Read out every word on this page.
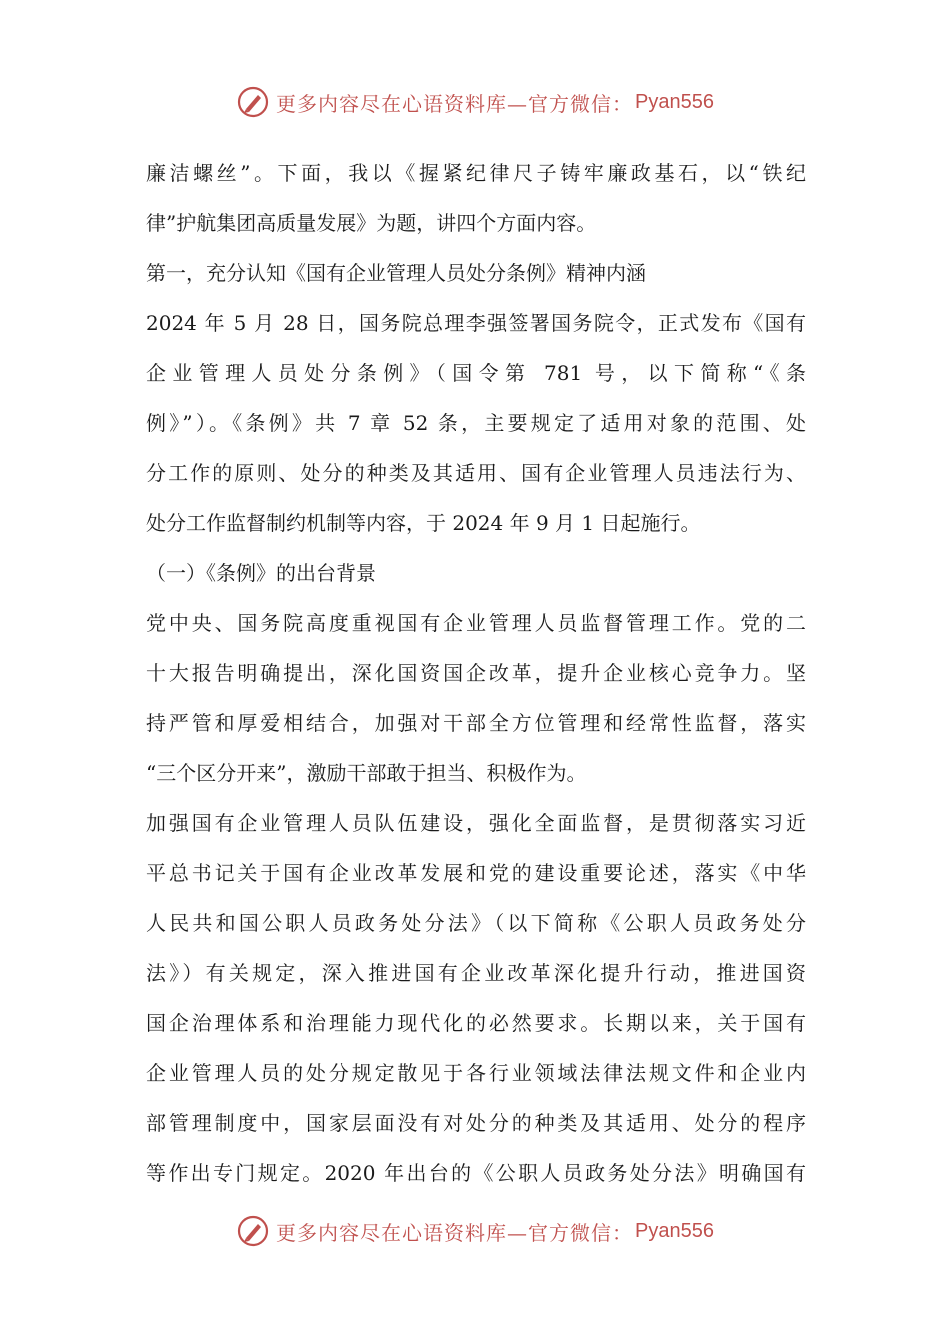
更多内容尽在心语资料库—官方微信： Pyan556
廉洁螺丝”。下面，我以《握紧纪律尺子铸牢廉政基石，以“铁纪
律”护航集团高质量发展》为题，讲四个方面内容。
第一，充分认知《国有企业管理人员处分条例》精神内涵
2024 年 5 月 28 日，国务院总理李强签署国务院令，正式发布《国有
企业管理人员处分条例》（国令第 781 号，以下简称“《条
例》”）。《条例》共 7 章 52 条，主要规定了适用对象的范围、处
分工作的原则、处分的种类及其适用、国有企业管理人员违法行为、
处分工作监督制约机制等内容，于 2024 年 9 月 1 日起施行。
（一）《条例》的出台背景
党中央、国务院高度重视国有企业管理人员监督管理工作。党的二
十大报告明确提出，深化国资国企改革，提升企业核心竞争力。坚
持严管和厚爱相结合，加强对干部全方位管理和经常性监督，落实
“三个区分开来”，激励干部敢于担当、积极作为。
加强国有企业管理人员队伍建设，强化全面监督，是贯彻落实习近
平总书记关于国有企业改革发展和党的建设重要论述，落实《中华
人民共和国公职人员政务处分法》（以下简称《公职人员政务处分
法》）有关规定，深入推进国有企业改革深化提升行动，推进国资
国企治理体系和治理能力现代化的必然要求。长期以来，关于国有
企业管理人员的处分规定散见于各行业领域法律法规文件和企业内
部管理制度中，国家层面没有对处分的种类及其适用、处分的程序
等作出专门规定。2020 年出台的《公职人员政务处分法》明确国有
更多内容尽在心语资料库—官方微信： Pyan556
